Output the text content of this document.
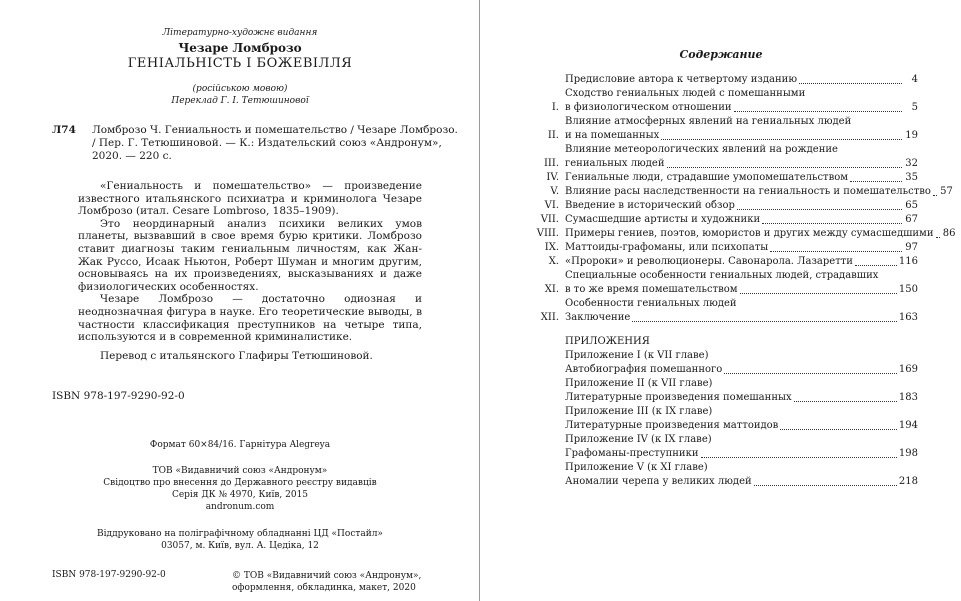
Літературно-художнє видання
Чезаре Ломброзо
ГЕНІАЛЬНІСТЬ І БОЖЕВІЛЛЯ
(російською мовою)
Переклад Г. І. Тетюшинової
Л74 Ломброзо Ч. Гениальность и помешательство / Чезаре Ломброзо.
/ Пер. Г. Тетюшиновой. — К.: Издательский союз «Андронум»,
2020. — 220 с.

«Гениальность и помешательство» — произведение известного итальянского психиатра и криминолога Чезаре Ломброзо (итал. Cesare Lombroso, 1835–1909).

Это неординарный анализ психики великих умов планеты, вызвавший в свое время бурю критики. Ломброзо ставит диагнозы таким гениальным личностям, как Жан-Жак Руссо, Исаак Ньютон, Роберт Шуман и многим другим, основываясь на их произведениях, высказываниях и даже физиологических особенностях.

Чезаре Ломброзо — достаточно одиозная и неоднозначная фигура в науке. Его теоретические выводы, в частности классификация преступников на четыре типа, используются и в современной криминалистике.

Перевод с итальянского Глафиры Тетюшиновой.

ISBN 978-197-9290-92-0
Формат 60×84/16. Гарнітура Alegreya
ТОВ «Видавничий союз «Андронум»
Свідоцтво про внесення до Державного реєстру видавців
Серія ДК № 4970, Київ, 2015
andronum.com
Віддруковано на поліграфічному обладнанні ЦД «Постайл»
03057, м. Київ, вул. А. Цедіка, 12
ISBN 978-197-9290-92-0	© ТОВ «Видавничий союз «Андронум»,
оформлення, обкладинка, макет, 2020
Содержание
Предисловие автора к четвертому изданию	4
I.
Сходство гениальных людей с помешанными
в физиологическом отношении	5
II.
Влияние атмосферных явлений на гениальных людей
и на помешанных	19
III.
Влияние метеорологических явлений на рождение
гениальных людей	32
IV. Гениальные люди, страдавшие умопомешательством	35
V. Влияние расы наследственности на гениальность и помешательство 57
VI. Введение в исторический обзор	65
VII. Сумасшедшие артисты и художники	67
VIII. Примеры гениев, поэтов, юмористов и других между сумасшедшими 86
IX. Маттоиды-графоманы, или психопаты	97
X. «Пророки» и революционеры. Савонарола. Лазаретти	116
XI.
Специальные особенности гениальных людей, страдавших
в то же время помешательством	150
XII.
Особенности гениальных людей
Заключение	163
ПРИЛОЖЕНИЯ
Приложение I (к VII главе)
Автобиография помешанного	169
Приложение II (к VII главе)
Литературные произведения помешанных	183
Приложение III (к IX главе)
Литературные произведения маттоидов	194
Приложение IV (к IX главе)
Графоманы-преступники	198
Приложение V (к XI главе)
Аномалии черепа у великих людей	218
